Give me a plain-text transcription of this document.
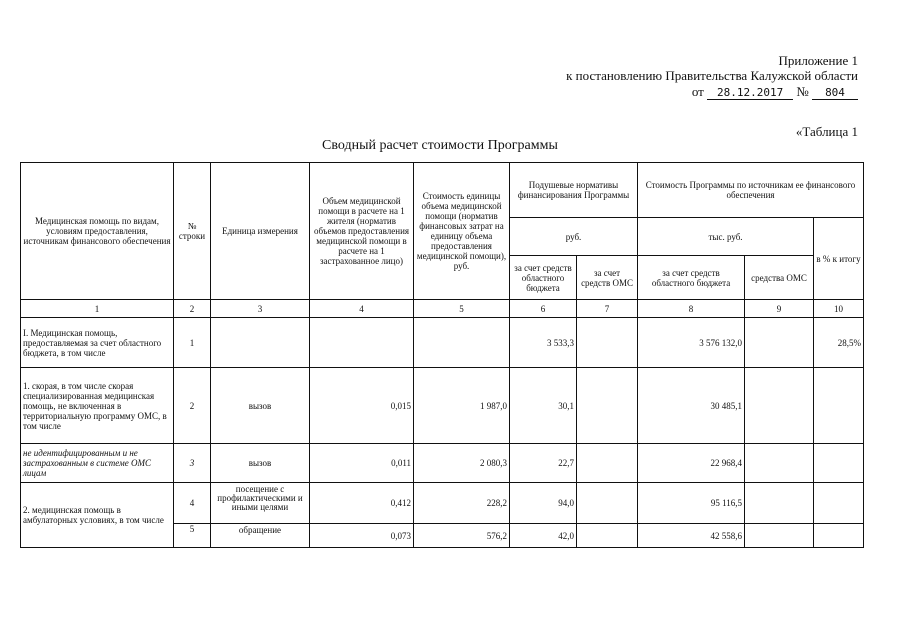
Приложение 1
к постановлению Правительства Калужской области
от 28.12.2017 № 804
«Таблица 1
Сводный расчет стоимости Программы
Медицинская помощь по видам, условиям предоставления, источникам финансового обеспечения	№ строки	Единица измерения	Объем медицинской помощи в расчете на 1 жителя (норматив объемов предоставления медицинской помощи в расчете на 1 застрахованное лицо)	Стоимость единицы объема медицинской помощи (норматив финансовых затрат на единицу объема предоставления медицинской помощи), руб.	Подушевые нормативы финансирования Программы		Стоимость Программы по источникам ее финансового обеспечения		
					руб.		тыс. руб.		в % к итогу
					за счет средств областного бюджета	за счет средств ОМС	за счет средств областного бюджета	средства ОМС	
1	2	3	4	5	6	7	8	9	10
I. Медицинская помощь, предоставляемая за счет областного бюджета, в том числе	1				3 533,3		3 576 132,0		28,5%
1. скорая, в том числе скорая специализированная медицинская помощь, не включенная в территориальную программу ОМС, в том числе	2	вызов	0,015	1 987,0	30,1		30 485,1		
не идентифицированным и не застрахованным в системе ОМС лицам	3	вызов	0,011	2 080,3	22,7		22 968,4		
2. медицинская помощь в амбулаторных условиях, в том числе	4	посещение с профилактическими и иными целями	0,412	228,2	94,0		95 116,5		
	5	обращение	0,073	576,2	42,0		42 558,6		
